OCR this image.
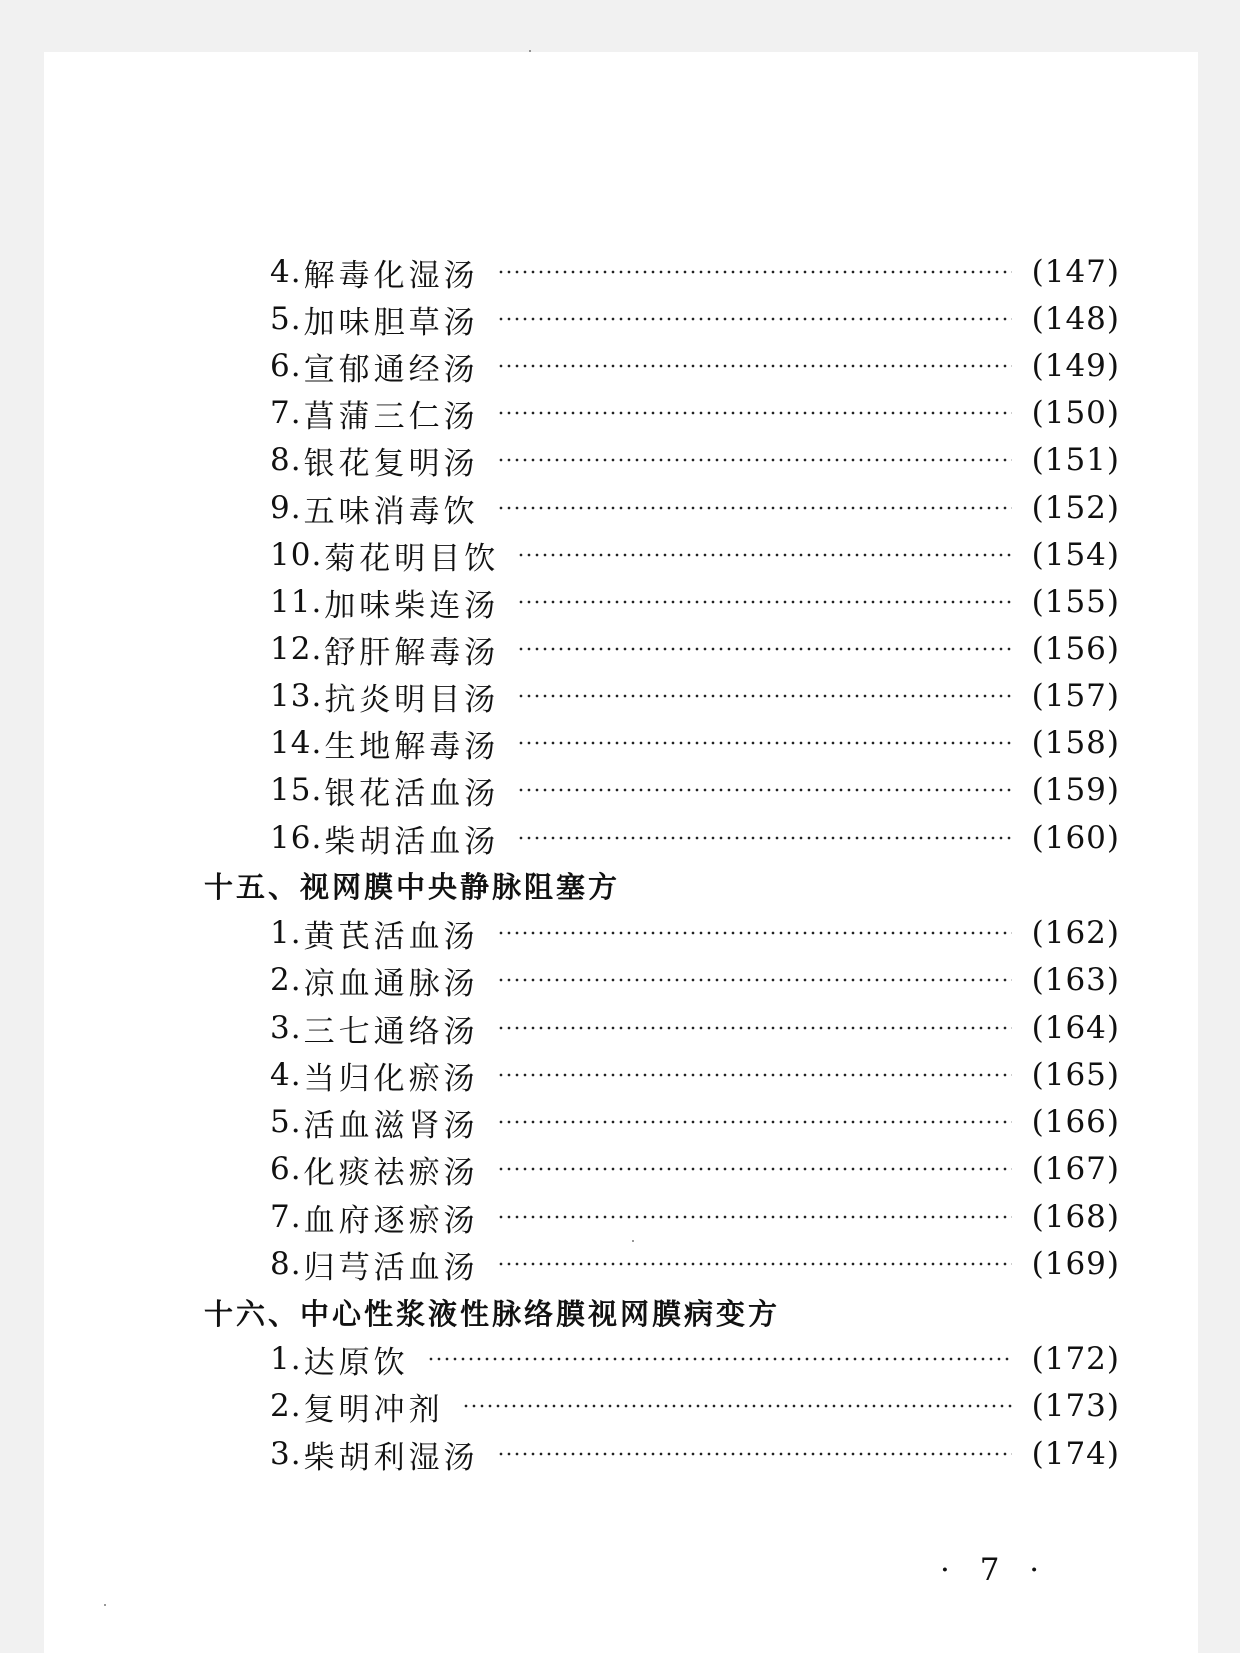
4. 解毒化湿汤	(147)
5. 加味胆草汤	(148)
6. 宣郁通经汤	(149)
7. 菖蒲三仁汤	(150)
8. 银花复明汤	(151)
9. 五味消毒饮	(152)
10. 菊花明目饮	(154)
11. 加味柴连汤	(155)
12. 舒肝解毒汤	(156)
13. 抗炎明目汤	(157)
14. 生地解毒汤	(158)
15. 银花活血汤	(159)
16. 柴胡活血汤	(160)
十五、视网膜中央静脉阻塞方
1. 黄芪活血汤	(162)
2. 凉血通脉汤	(163)
3. 三七通络汤	(164)
4. 当归化瘀汤	(165)
5. 活血滋肾汤	(166)
6. 化痰祛瘀汤	(167)
7. 血府逐瘀汤	(168)
8. 归芎活血汤	(169)
十六、中心性浆液性脉络膜视网膜病变方
1. 达原饮	(172)
2. 复明冲剂	(173)
3. 柴胡利湿汤	(174)
· 7 ·
